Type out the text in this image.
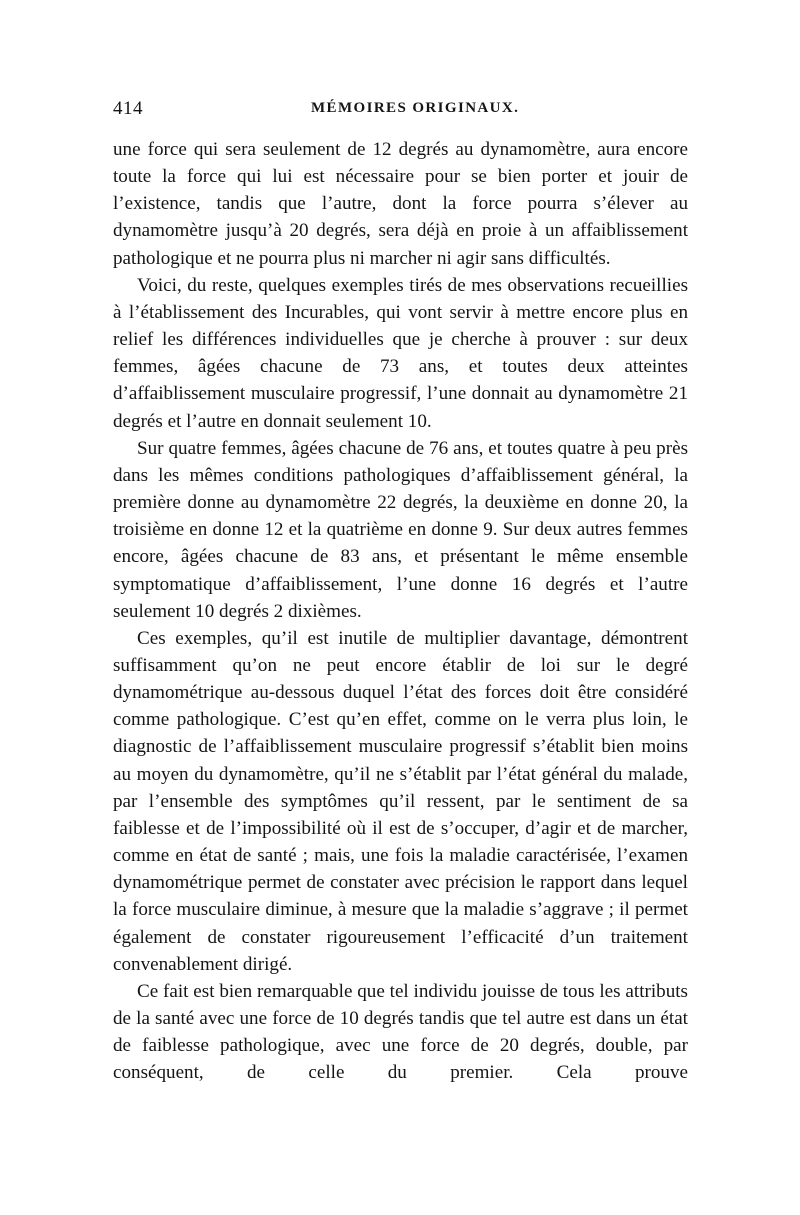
414	MÉMOIRES ORIGINAUX.

une force qui sera seulement de 12 degrés au dynamomètre, aura encore toute la force qui lui est nécessaire pour se bien porter et jouir de l’existence, tandis que l’autre, dont la force pourra s’élever au dynamomètre jusqu’à 20 degrés, sera déjà en proie à un affaiblissement pathologique et ne pourra plus ni marcher ni agir sans difficultés.

Voici, du reste, quelques exemples tirés de mes observations recueillies à l’établissement des Incurables, qui vont servir à mettre encore plus en relief les différences individuelles que je cherche à prouver : sur deux femmes, âgées chacune de 73 ans, et toutes deux atteintes d’affaiblissement musculaire progressif, l’une donnait au dynamomètre 21 degrés et l’autre en donnait seulement 10.

Sur quatre femmes, âgées chacune de 76 ans, et toutes quatre à peu près dans les mêmes conditions pathologiques d’affaiblissement général, la première donne au dynamomètre 22 degrés, la deuxième en donne 20, la troisième en donne 12 et la quatrième en donne 9. Sur deux autres femmes encore, âgées chacune de 83 ans, et présentant le même ensemble symptomatique d’affaiblissement, l’une donne 16 degrés et l’autre seulement 10 degrés 2 dixièmes.

Ces exemples, qu’il est inutile de multiplier davantage, démontrent suffisamment qu’on ne peut encore établir de loi sur le degré dynamométrique au-dessous duquel l’état des forces doit être considéré comme pathologique. C’est qu’en effet, comme on le verra plus loin, le diagnostic de l’affaiblissement musculaire progressif s’établit bien moins au moyen du dynamomètre, qu’il ne s’établit par l’état général du malade, par l’ensemble des symptômes qu’il ressent, par le sentiment de sa faiblesse et de l’impossibilité où il est de s’occuper, d’agir et de marcher, comme en état de santé ; mais, une fois la maladie caractérisée, l’examen dynamométrique permet de constater avec précision le rapport dans lequel la force musculaire diminue, à mesure que la maladie s’aggrave ; il permet également de constater rigoureusement l’efficacité d’un traitement convenablement dirigé.

Ce fait est bien remarquable que tel individu jouisse de tous les attributs de la santé avec une force de 10 degrés tandis que tel autre est dans un état de faiblesse pathologique, avec une force de 20 degrés, double, par conséquent, de celle du premier. Cela prouve
